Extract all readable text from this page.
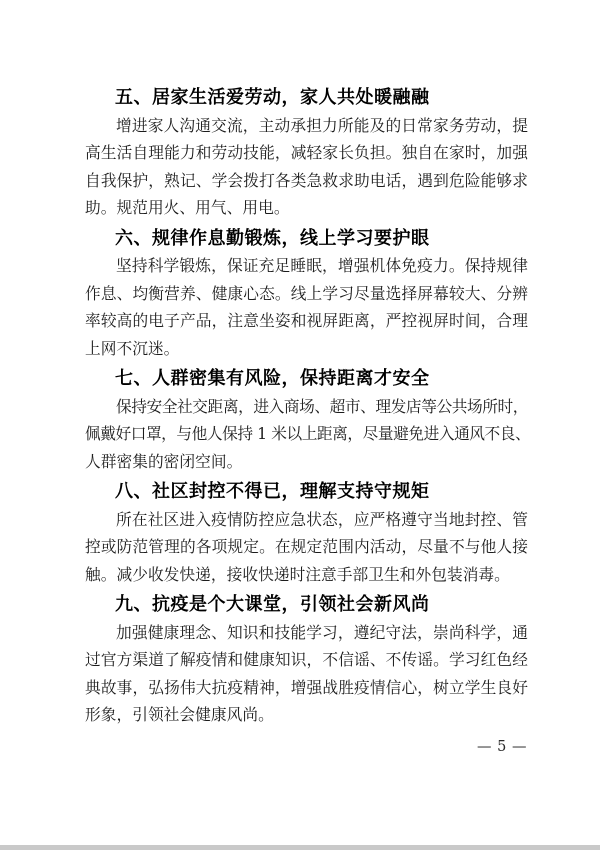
五、居家生活爱劳动，家人共处暖融融
增进家人沟通交流，主动承担力所能及的日常家务劳动，提
高生活自理能力和劳动技能，减轻家长负担。独自在家时，加强
自我保护，熟记、学会拨打各类急救求助电话，遇到危险能够求
助。规范用火、用气、用电。
六、规律作息勤锻炼，线上学习要护眼
坚持科学锻炼，保证充足睡眠，增强机体免疫力。保持规律
作息、均衡营养、健康心态。线上学习尽量选择屏幕较大、分辨
率较高的电子产品，注意坐姿和视屏距离，严控视屏时间，合理
上网不沉迷。
七、人群密集有风险，保持距离才安全
保持安全社交距离，进入商场、超市、理发店等公共场所时，
佩戴好口罩，与他人保持 1 米以上距离，尽量避免进入通风不良、
人群密集的密闭空间。
八、社区封控不得已，理解支持守规矩
所在社区进入疫情防控应急状态，应严格遵守当地封控、管
控或防范管理的各项规定。在规定范围内活动，尽量不与他人接
触。减少收发快递，接收快递时注意手部卫生和外包装消毒。
九、抗疫是个大课堂，引领社会新风尚
加强健康理念、知识和技能学习，遵纪守法，崇尚科学，通
过官方渠道了解疫情和健康知识，不信谣、不传谣。学习红色经
典故事，弘扬伟大抗疫精神，增强战胜疫情信心，树立学生良好
形象，引领社会健康风尚。
— 5 —
